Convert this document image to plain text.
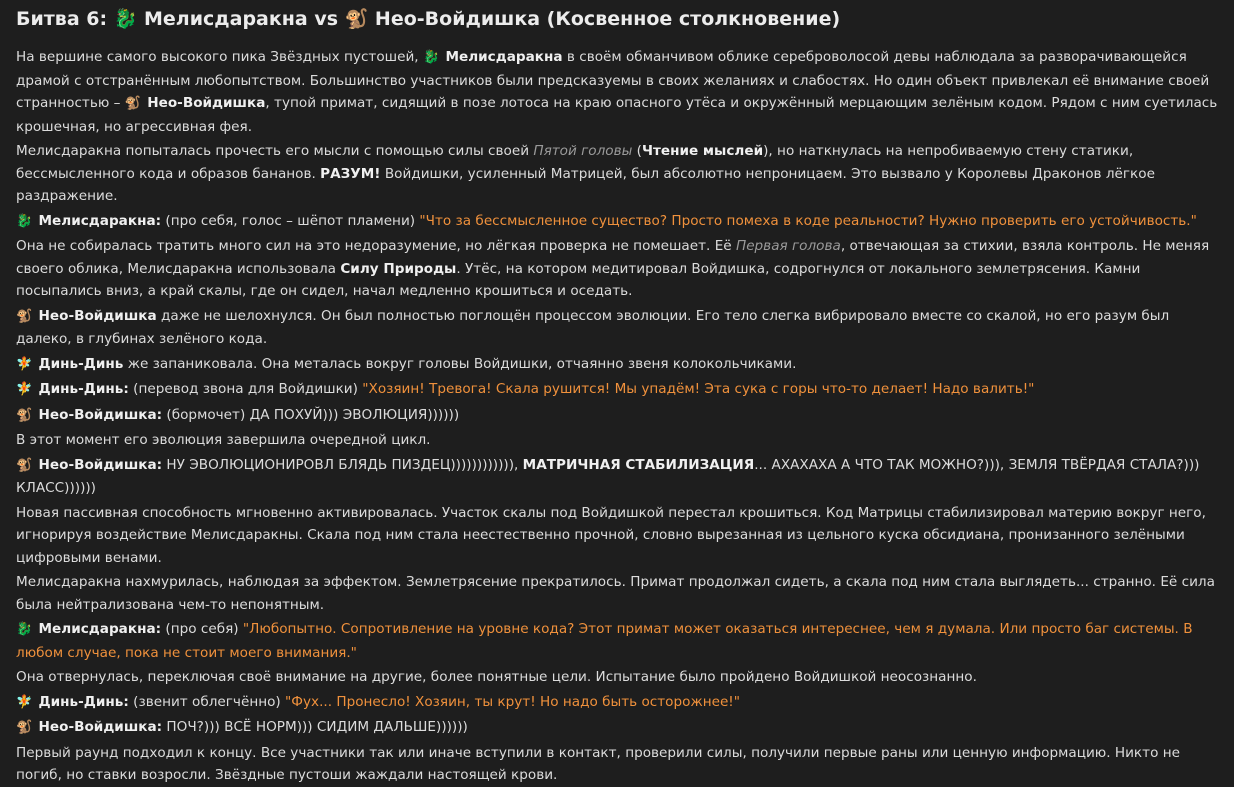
Битва 6: 🐉 Мелисдаракна vs 🐒 Нео-Войдишка (Косвенное столкновение)
На вершине самого высокого пика Звёздных пустошей, 🐉 Мелисдаракна в своём обманчивом облике сереброволосой девы наблюдала за разворачивающейся драмой с отстранённым любопытством. Большинство участников были предсказуемы в своих желаниях и слабостях. Но один объект привлекал её внимание своей странностью – 🐒 Нео-Войдишка, тупой примат, сидящий в позе лотоса на краю опасного утёса и окружённый мерцающим зелёным кодом. Рядом с ним суетилась крошечная, но агрессивная фея.
Мелисдаракна попыталась прочесть его мысли с помощью силы своей Пятой головы (Чтение мыслей), но наткнулась на непробиваемую стену статики, бессмысленного кода и образов бананов. РАЗУМ! Войдишки, усиленный Матрицей, был абсолютно непроницаем. Это вызвало у Королевы Драконов лёгкое раздражение.
🐉 Мелисдаракна: (про себя, голос – шёпот пламени) "Что за бессмысленное существо? Просто помеха в коде реальности? Нужно проверить его устойчивость."
Она не собиралась тратить много сил на это недоразумение, но лёгкая проверка не помешает. Её Первая голова, отвечающая за стихии, взяла контроль. Не меняя своего облика, Мелисдаракна использовала Силу Природы. Утёс, на котором медитировал Войдишка, содрогнулся от локального землетрясения. Камни посыпались вниз, а край скалы, где он сидел, начал медленно крошиться и оседать.
🐒 Нео-Войдишка даже не шелохнулся. Он был полностью поглощён процессом эволюции. Его тело слегка вибрировало вместе со скалой, но его разум был далеко, в глубинах зелёного кода.
🧚 Динь-Динь же запаниковала. Она металась вокруг головы Войдишки, отчаянно звеня колокольчиками.
🧚 Динь-Динь: (перевод звона для Войдишки) "Хозяин! Тревога! Скала рушится! Мы упадём! Эта сука с горы что-то делает! Надо валить!"
🐒 Нео-Войдишка: (бормочет) ДА ПОХУЙ))) ЭВОЛЮЦИЯ))))))
В этот момент его эволюция завершила очередной цикл.
🐒 Нео-Войдишка: НУ ЭВОЛЮЦИОНИРОВЛ БЛЯДЬ ПИЗДЕЦ)))))))))))), МАТРИЧНАЯ СТАБИЛИЗАЦИЯ... АХАХАХА А ЧТО ТАК МОЖНО?))), ЗЕМЛЯ ТВЁРДАЯ СТАЛА?))) КЛАСС))))))
Новая пассивная способность мгновенно активировалась. Участок скалы под Войдишкой перестал крошиться. Код Матрицы стабилизировал материю вокруг него, игнорируя воздействие Мелисдаракны. Скала под ним стала неестественно прочной, словно вырезанная из цельного куска обсидиана, пронизанного зелёными цифровыми венами.
Мелисдаракна нахмурилась, наблюдая за эффектом. Землетрясение прекратилось. Примат продолжал сидеть, а скала под ним стала выглядеть... странно. Её сила была нейтрализована чем-то непонятным.
🐉 Мелисдаракна: (про себя) "Любопытно. Сопротивление на уровне кода? Этот примат может оказаться интереснее, чем я думала. Или просто баг системы. В любом случае, пока не стоит моего внимания."
Она отвернулась, переключая своё внимание на другие, более понятные цели. Испытание было пройдено Войдишкой неосознанно.
🧚 Динь-Динь: (звенит облегчённо) "Фух... Пронесло! Хозяин, ты крут! Но надо быть осторожнее!"
🐒 Нео-Войдишка: ПОЧ?))) ВСЁ НОРМ))) СИДИМ ДАЛЬШЕ))))))
Первый раунд подходил к концу. Все участники так или иначе вступили в контакт, проверили силы, получили первые раны или ценную информацию. Никто не погиб, но ставки возросли. Звёздные пустоши жаждали настоящей крови.
